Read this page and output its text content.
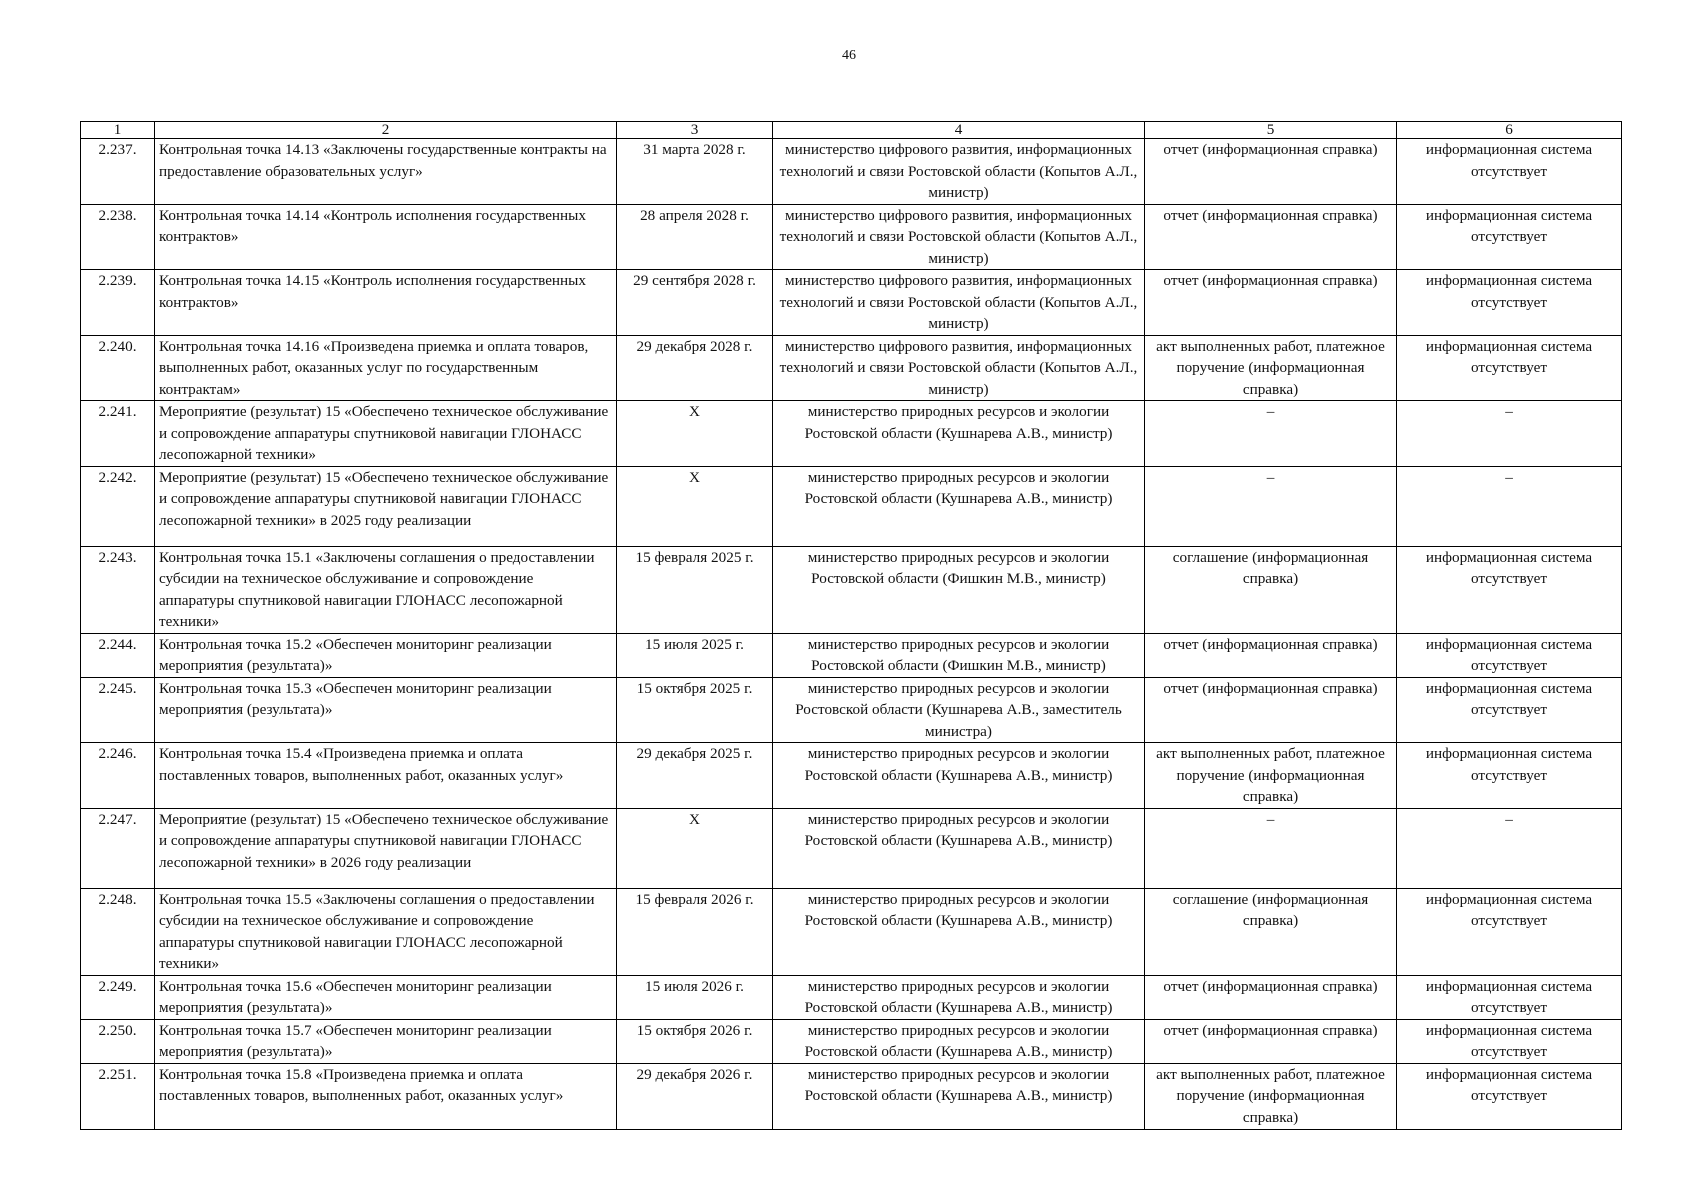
46
1	2	3	4	5	6
2.237.	Контрольная точка 14.13 «Заключены государственные контракты на предоставление образовательных услуг»	31 марта 2028 г.	министерство цифрового развития, информационных технологий и связи Ростовской области (Копытов А.Л., министр)	отчет (информационная справка)	информационная система отсутствует
2.238.	Контрольная точка 14.14 «Контроль исполнения государственных контрактов»	28 апреля 2028 г.	министерство цифрового развития, информационных технологий и связи Ростовской области (Копытов А.Л., министр)	отчет (информационная справка)	информационная система отсутствует
2.239.	Контрольная точка 14.15 «Контроль исполнения государственных контрактов»	29 сентября 2028 г.	министерство цифрового развития, информационных технологий и связи Ростовской области (Копытов А.Л., министр)	отчет (информационная справка)	информационная система отсутствует
2.240.	Контрольная точка 14.16 «Произведена приемка и оплата товаров, выполненных работ, оказанных услуг по государственным контрактам»	29 декабря 2028 г.	министерство цифрового развития, информационных технологий и связи Ростовской области (Копытов А.Л., министр)	акт выполненных работ, платежное поручение (информационная справка)	информационная система отсутствует
2.241.	Мероприятие (результат) 15 «Обеспечено техническое обслуживание и сопровождение аппаратуры спутниковой навигации ГЛОНАСС лесопожарной техники»	X	министерство природных ресурсов и экологии Ростовской области (Кушнарева А.В., министр)	–	–
2.242.	Мероприятие (результат) 15 «Обеспечено техническое обслуживание и сопровождение аппаратуры спутниковой навигации ГЛОНАСС лесопожарной техники» в 2025 году реализации	X	министерство природных ресурсов и экологии Ростовской области (Кушнарева А.В., министр)	–	–
2.243.	Контрольная точка 15.1 «Заключены соглашения о предоставлении субсидии на техническое обслуживание и сопровождение аппаратуры спутниковой навигации ГЛОНАСС лесопожарной техники»	15 февраля 2025 г.	министерство природных ресурсов и экологии Ростовской области (Фишкин М.В., министр)	соглашение (информационная справка)	информационная система отсутствует
2.244.	Контрольная точка 15.2 «Обеспечен мониторинг реализации мероприятия (результата)»	15 июля 2025 г.	министерство природных ресурсов и экологии Ростовской области (Фишкин М.В., министр)	отчет (информационная справка)	информационная система отсутствует
2.245.	Контрольная точка 15.3 «Обеспечен мониторинг реализации мероприятия (результата)»	15 октября 2025 г.	министерство природных ресурсов и экологии Ростовской области (Кушнарева А.В., заместитель министра)	отчет (информационная справка)	информационная система отсутствует
2.246.	Контрольная точка 15.4 «Произведена приемка и оплата поставленных товаров, выполненных работ, оказанных услуг»	29 декабря 2025 г.	министерство природных ресурсов и экологии Ростовской области (Кушнарева А.В., министр)	акт выполненных работ, платежное поручение (информационная справка)	информационная система отсутствует
2.247.	Мероприятие (результат) 15 «Обеспечено техническое обслуживание и сопровождение аппаратуры спутниковой навигации ГЛОНАСС лесопожарной техники» в 2026 году реализации	X	министерство природных ресурсов и экологии Ростовской области (Кушнарева А.В., министр)	–	–
2.248.	Контрольная точка 15.5 «Заключены соглашения о предоставлении субсидии на техническое обслуживание и сопровождение аппаратуры спутниковой навигации ГЛОНАСС лесопожарной техники»	15 февраля 2026 г.	министерство природных ресурсов и экологии Ростовской области (Кушнарева А.В., министр)	соглашение (информационная справка)	информационная система отсутствует
2.249.	Контрольная точка 15.6 «Обеспечен мониторинг реализации мероприятия (результата)»	15 июля 2026 г.	министерство природных ресурсов и экологии Ростовской области (Кушнарева А.В., министр)	отчет (информационная справка)	информационная система отсутствует
2.250.	Контрольная точка 15.7 «Обеспечен мониторинг реализации мероприятия (результата)»	15 октября 2026 г.	министерство природных ресурсов и экологии Ростовской области (Кушнарева А.В., министр)	отчет (информационная справка)	информационная система отсутствует
2.251.	Контрольная точка 15.8 «Произведена приемка и оплата поставленных товаров, выполненных работ, оказанных услуг»	29 декабря 2026 г.	министерство природных ресурсов и экологии Ростовской области (Кушнарева А.В., министр)	акт выполненных работ, платежное поручение (информационная справка)	информационная система отсутствует
